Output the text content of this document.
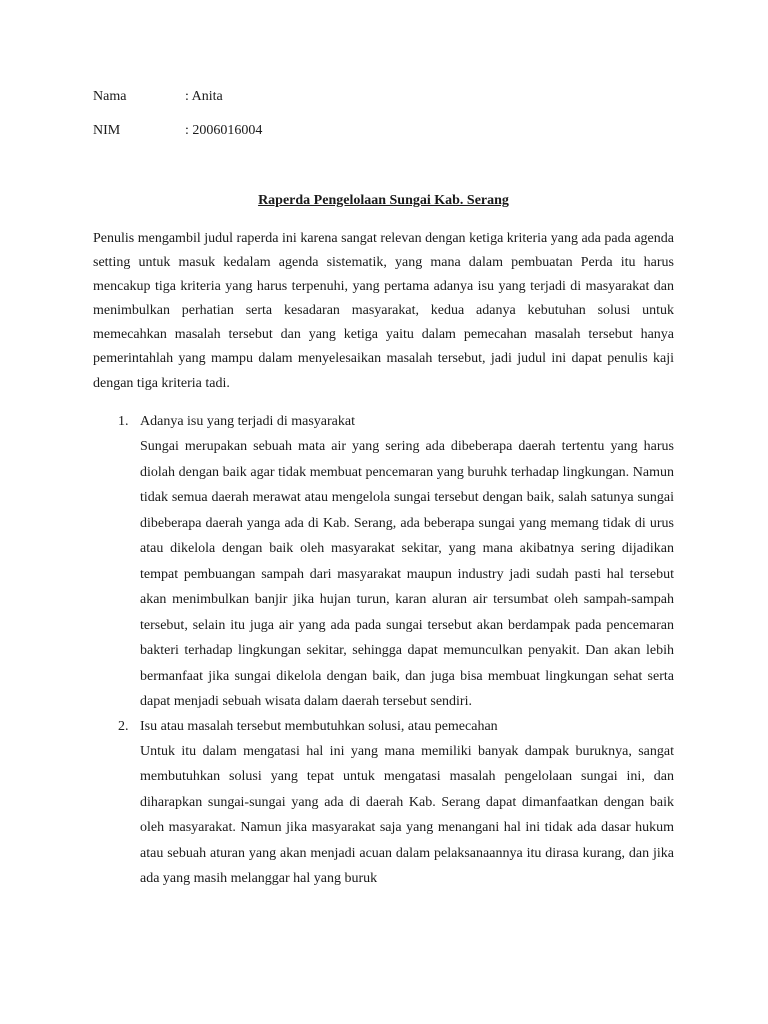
Nama	: Anita
NIM	: 2006016004
Raperda Pengelolaan Sungai Kab. Serang

Penulis mengambil judul raperda ini karena sangat relevan dengan ketiga kriteria yang ada pada agenda setting untuk masuk kedalam agenda sistematik, yang mana dalam pembuatan Perda itu harus mencakup tiga kriteria yang harus terpenuhi, yang pertama adanya isu yang terjadi di masyarakat dan menimbulkan perhatian serta kesadaran masyarakat, kedua adanya kebutuhan solusi untuk memecahkan masalah tersebut dan yang ketiga yaitu dalam pemecahan masalah tersebut hanya pemerintahlah yang mampu dalam menyelesaikan masalah tersebut, jadi judul ini dapat penulis kaji dengan tiga kriteria tadi.

1. Adanya isu yang terjadi di masyarakat

Sungai merupakan sebuah mata air yang sering ada dibeberapa daerah tertentu yang harus diolah dengan baik agar tidak membuat pencemaran yang buruhk terhadap lingkungan. Namun tidak semua daerah merawat atau mengelola sungai tersebut dengan baik, salah satunya sungai dibeberapa daerah yanga ada di Kab. Serang, ada beberapa sungai yang memang tidak di urus atau dikelola dengan baik oleh masyarakat sekitar, yang mana akibatnya sering dijadikan tempat pembuangan sampah dari masyarakat maupun industry jadi sudah pasti hal tersebut akan menimbulkan banjir jika hujan turun, karan aluran air tersumbat oleh sampah-sampah tersebut, selain itu juga air yang ada pada sungai tersebut akan berdampak pada pencemaran bakteri terhadap lingkungan sekitar, sehingga dapat memunculkan penyakit. Dan akan lebih bermanfaat jika sungai dikelola dengan baik, dan juga bisa membuat lingkungan sehat serta dapat menjadi sebuah wisata dalam daerah tersebut sendiri.

2. Isu atau masalah tersebut membutuhkan solusi, atau pemecahan

Untuk itu dalam mengatasi hal ini yang mana memiliki banyak dampak buruknya, sangat membutuhkan solusi yang tepat untuk mengatasi masalah pengelolaan sungai ini, dan diharapkan sungai-sungai yang ada di daerah Kab. Serang dapat dimanfaatkan dengan baik oleh masyarakat. Namun jika masyarakat saja yang menangani hal ini tidak ada dasar hukum atau sebuah aturan yang akan menjadi acuan dalam pelaksanaannya itu dirasa kurang, dan jika ada yang masih melanggar hal yang buruk
